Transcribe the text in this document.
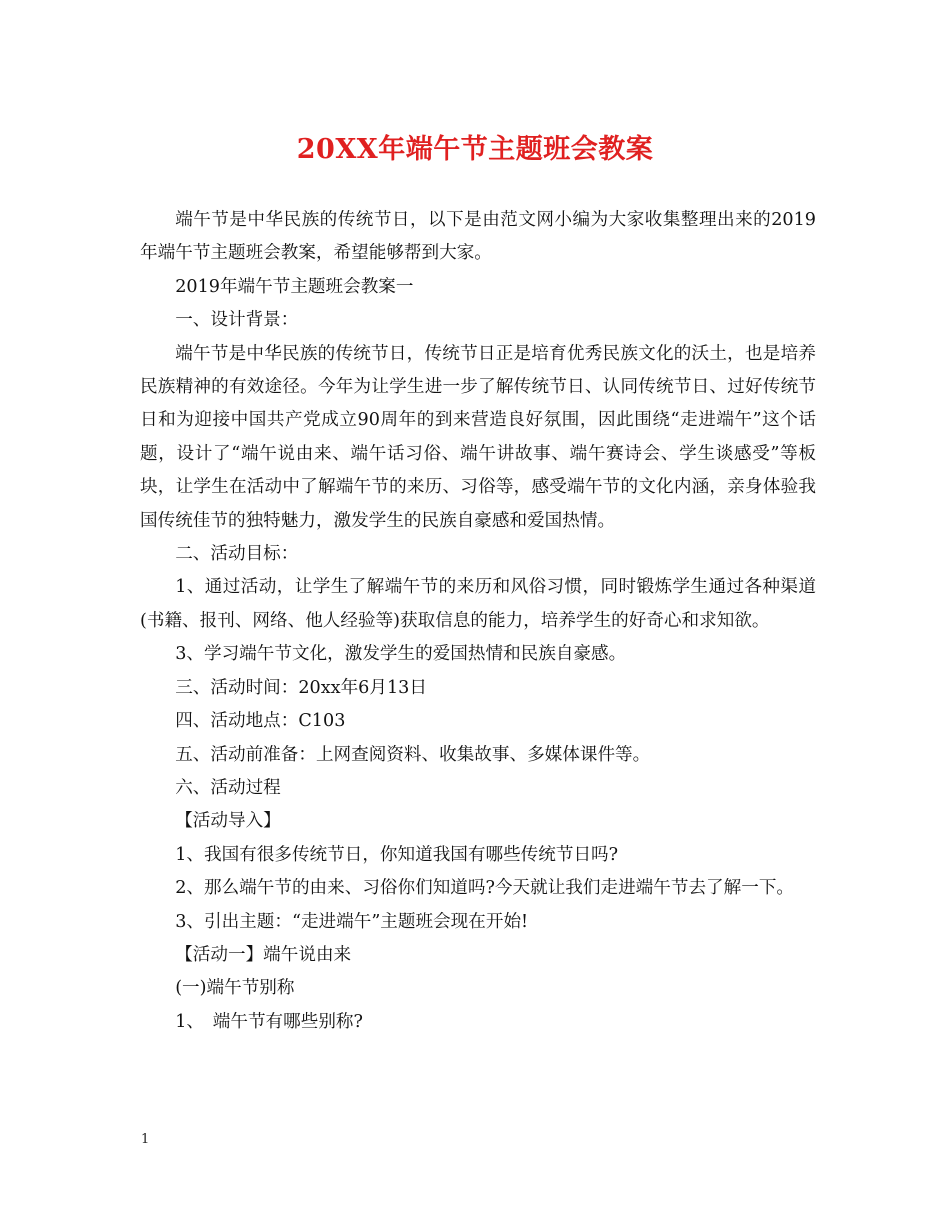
20XX年端午节主题班会教案

端午节是中华民族的传统节日，以下是由范文网小编为大家收集整理出来的2019年端午节主题班会教案，希望能够帮到大家。

2019年端午节主题班会教案一

一、设计背景：

端午节是中华民族的传统节日，传统节日正是培育优秀民族文化的沃土，也是培养民族精神的有效途径。今年为让学生进一步了解传统节日、认同传统节日、过好传统节日和为迎接中国共产党成立90周年的到来营造良好氛围，因此围绕“走进端午”这个话题，设计了“端午说由来、端午话习俗、端午讲故事、端午赛诗会、学生谈感受”等板块，让学生在活动中了解端午节的来历、习俗等，感受端午节的文化内涵，亲身体验我国传统佳节的独特魅力，激发学生的民族自豪感和爱国热情。

二、活动目标：

1、通过活动，让学生了解端午节的来历和风俗习惯，同时锻炼学生通过各种渠道(书籍、报刊、网络、他人经验等)获取信息的能力，培养学生的好奇心和求知欲。

3、学习端午节文化，激发学生的爱国热情和民族自豪感。

三、活动时间：20xx年6月13日

四、活动地点：C103

五、活动前准备：上网查阅资料、收集故事、多媒体课件等。

六、活动过程

【活动导入】

1、我国有很多传统节日，你知道我国有哪些传统节日吗?

2、那么端午节的由来、习俗你们知道吗?今天就让我们走进端午节去了解一下。

3、引出主题：“走进端午”主题班会现在开始!

【活动一】端午说由来

(一)端午节别称

1、　端午节有哪些别称?

1
